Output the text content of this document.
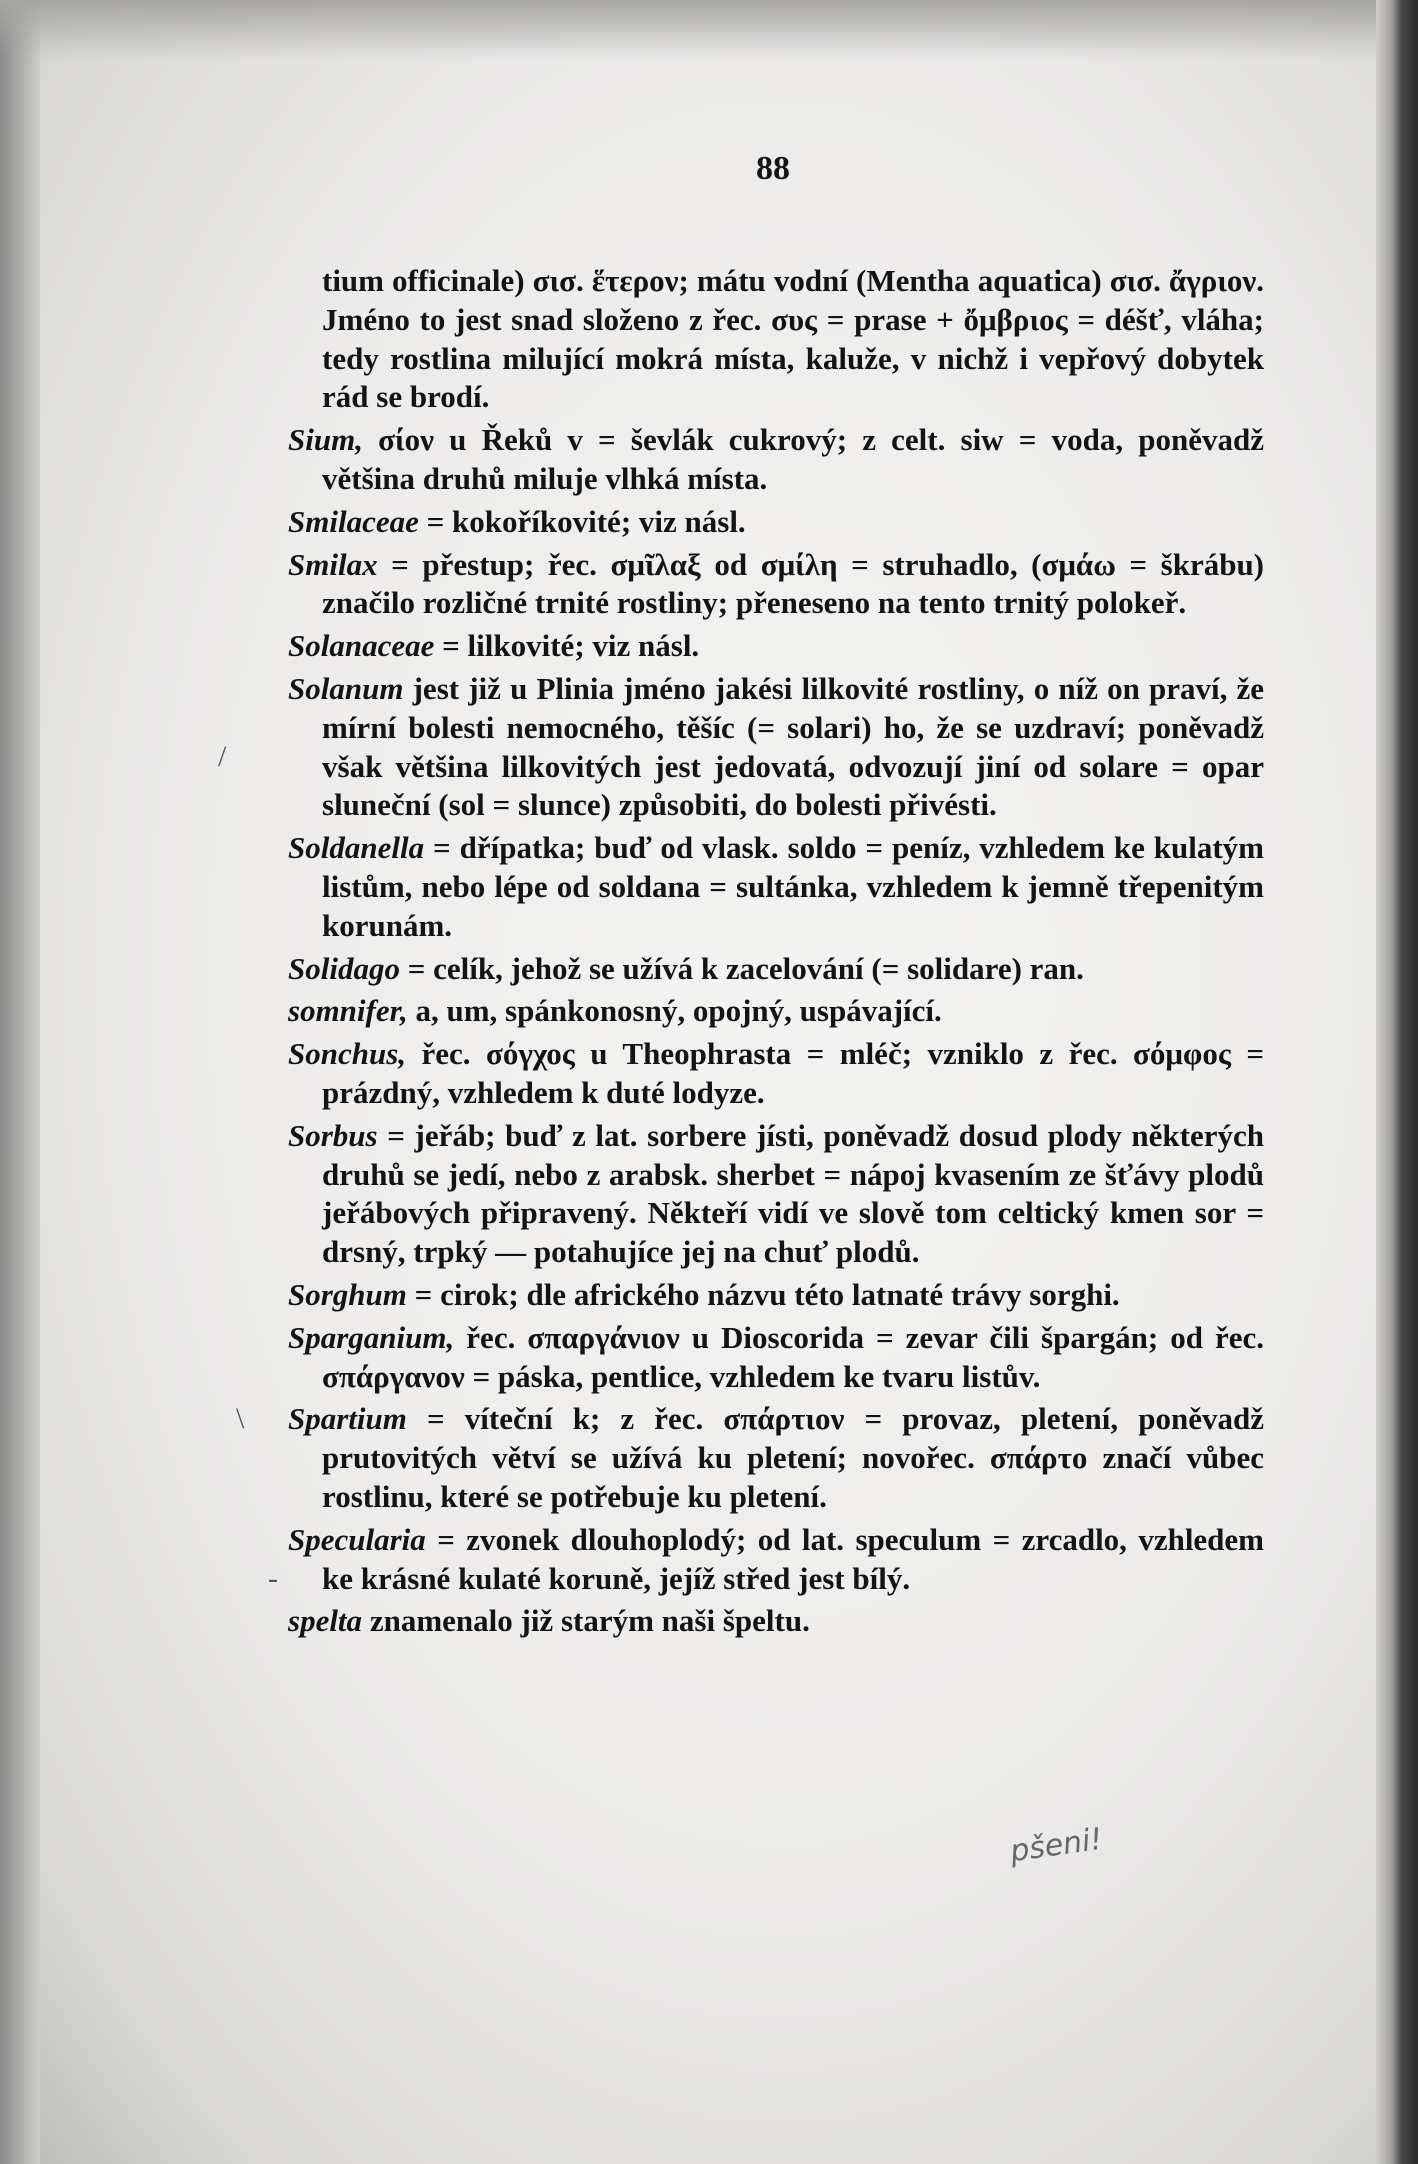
88

tium officinale) σισ. ἕτερον; mátu vodní (Mentha aquatica) σισ. ἄγριον. Jméno to jest snad složeno z řec. συς = prase + ὄμβριος = déšť, vláha; tedy rostlina milující mokrá místa, kaluže, v nichž i vepřový dobytek rád se brodí.

Sium, σίον u Řeků v = ševlák cukrový; z celt. siw = voda, poněvadž většina druhů miluje vlhká místa.

Smilaceae = kokoříkovité; viz násl.

Smilax = přestup; řec. σμῖλαξ od σμίλη = struhadlo, (σμάω = škrábu) značilo rozličné trnité rostliny; přeneseno na tento trnitý polokeř.

Solanaceae = lilkovité; viz násl.

Solanum jest již u Plinia jméno jakési lilkovité rostliny, o níž on praví, že mírní bolesti nemocného, těšíc (= solari) ho, že se uzdraví; poněvadž však většina lilkovitých jest jedovatá, odvozují jiní od solare = opar sluneční (sol = slunce) způsobiti, do bolesti přivésti.

Soldanella = dřípatka; buď od vlask. soldo = peníz, vzhledem ke kulatým listům, nebo lépe od soldana = sultánka, vzhledem k jemně třepenitým korunám.

Solidago = celík, jehož se užívá k zacelování (= solidare) ran.

somnifer, a, um, spánkonosný, opojný, uspávající.

Sonchus, řec. σόγχος u Theophrasta = mléč; vzniklo z řec. σόμφος = prázdný, vzhledem k duté lodyze.

Sorbus = jeřáb; buď z lat. sorbere jísti, poněvadž dosud plody některých druhů se jedí, nebo z arabsk. sherbet = nápoj kvasením ze šťávy plodů jeřábových připravený. Někteří vidí ve slově tom celtický kmen sor = drsný, trpký — potahujíce jej na chuť plodů.

Sorghum = cirok; dle afrického názvu této latnaté trávy sorghi.

Sparganium, řec. σπαργάνιον u Dioscorida = zevar čili špargán; od řec. σπάργανον = páska, pentlice, vzhledem ke tvaru listův.

Spartium = víteční k; z řec. σπάρτιον = provaz, pletení, poněvadž prutovitých větví se užívá ku pletení; novořec. σπάρτο značí vůbec rostlinu, které se potřebuje ku pletení.

Specularia = zvonek dlouhoplodý; od lat. speculum = zrcadlo, vzhledem ke krásné kulaté koruně, jejíž střed jest bílý.

spelta znamenalo již starým naši špeltu.

/
\
-
pšeni!
